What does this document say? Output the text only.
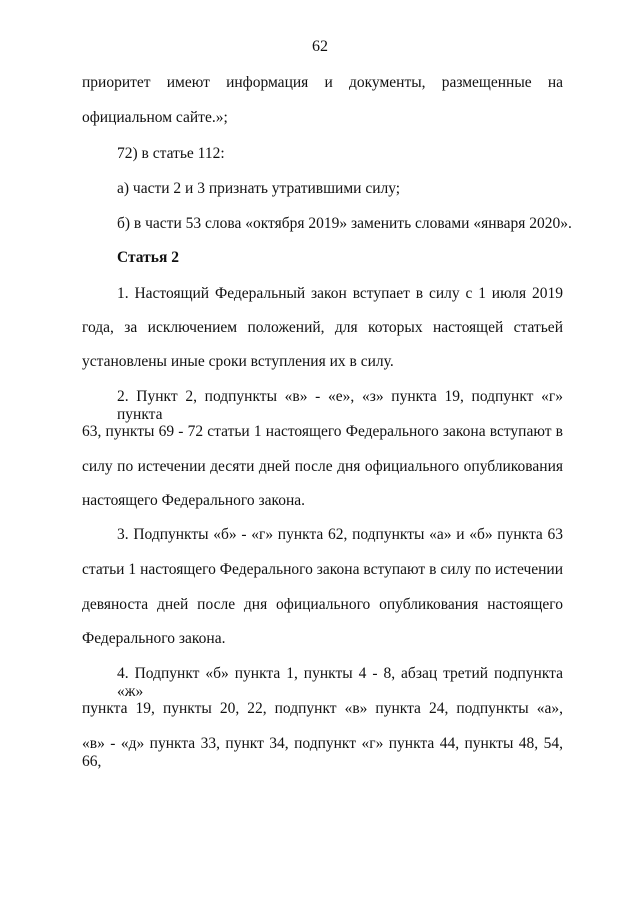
62
приоритет имеют информация и документы, размещенные на
официальном сайте.»;
72) в статье 112:
а) части 2 и 3 признать утратившими силу;
б) в части 53 слова «октября 2019» заменить словами «января 2020».
Статья 2
1. Настоящий Федеральный закон вступает в силу с 1 июля 2019
года, за исключением положений, для которых настоящей статьей
установлены иные сроки вступления их в силу.
2. Пункт 2, подпункты «в» - «е», «з» пункта 19, подпункт «г» пункта
63, пункты 69 - 72 статьи 1 настоящего Федерального закона вступают в
силу по истечении десяти дней после дня официального опубликования
настоящего Федерального закона.
3. Подпункты «б» - «г» пункта 62, подпункты «а» и «б» пункта 63
статьи 1 настоящего Федерального закона вступают в силу по истечении
девяноста дней после дня официального опубликования настоящего
Федерального закона.
4. Подпункт «б» пункта 1, пункты 4 - 8, абзац третий подпункта «ж»
пункта 19, пункты 20, 22, подпункт «в» пункта 24, подпункты «а»,
«в» - «д» пункта 33, пункт 34, подпункт «г» пункта 44, пункты 48, 54, 66,
